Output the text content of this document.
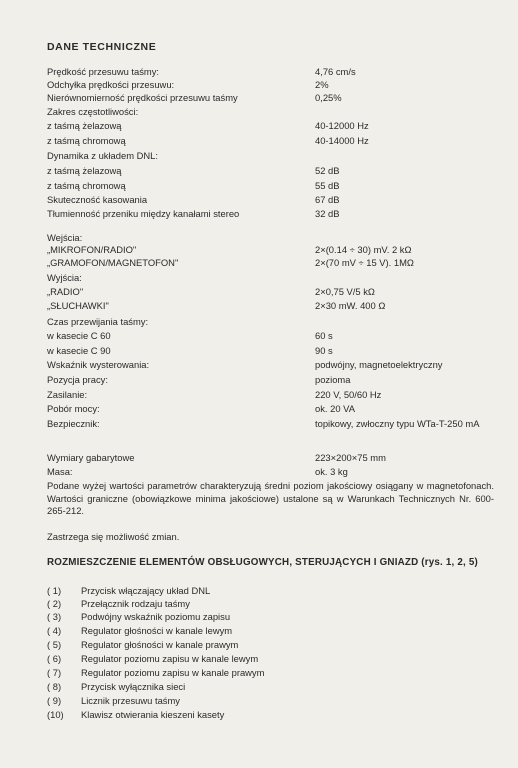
DANE TECHNICZNE
Prędkość przesuwu taśmy:	4,76 cm/s
Odchyłka prędkości przesuwu:	2%
Nierównomierność prędkości przesuwu taśmy	0,25%
Zakres częstotliwości:
z taśmą żelazową	40-12000 Hz
z taśmą chromową	40-14000 Hz
Dynamika z układem DNL:
z taśmą żelazową	52 dB
z taśmą chromową	55 dB
Skuteczność kasowania	67 dB
Tłumienność przeniku między kanałami stereo	32 dB
Wejścia:
„MIKROFON/RADIO"	2×(0.14 ÷ 30) mV. 2 kΩ
„GRAMOFON/MAGNETOFON"	2×(70 mV ÷ 15 V). 1MΩ
Wyjścia:
„RADIO"	2×0,75 V/5 kΩ
„SŁUCHAWKI"	2×30 mW. 400 Ω
Czas przewijania taśmy:
w kasecie C 60	60 s
w kasecie C 90	90 s
Wskaźnik wysterowania:	podwójny, magnetoelektryczny
Pozycja pracy:	pozioma
Zasilanie:	220 V, 50/60 Hz
Pobór mocy:	ok. 20 VA
Bezpiecznik:	topikowy, zwłoczny typu WTa-T-250 mA
Wymiary gabarytowe	223×200×75 mm
Masa:	ok. 3 kg
Podane wyżej wartości parametrów charakteryzują średni poziom jakościowy osiągany w magnetofonach. Wartości graniczne (obowiązkowe minima jakościowe) ustalone są w Warunkach Technicznych Nr. 600-265-212.
Zastrzega się możliwość zmian.
ROZMIESZCZENIE ELEMENTÓW OBSŁUGOWYCH, STERUJĄCYCH I GNIAZD (rys. 1, 2, 5)
( 1) Przycisk włączający układ DNL
( 2) Przełącznik rodzaju taśmy
( 3) Podwójny wskaźnik poziomu zapisu
( 4) Regulator głośności w kanale lewym
( 5) Regulator głośności w kanale prawym
( 6) Regulator poziomu zapisu w kanale lewym
( 7) Regulator poziomu zapisu w kanale prawym
( 8) Przycisk wyłącznika sieci
( 9) Licznik przesuwu taśmy
(10) Klawisz otwierania kieszeni kasety
